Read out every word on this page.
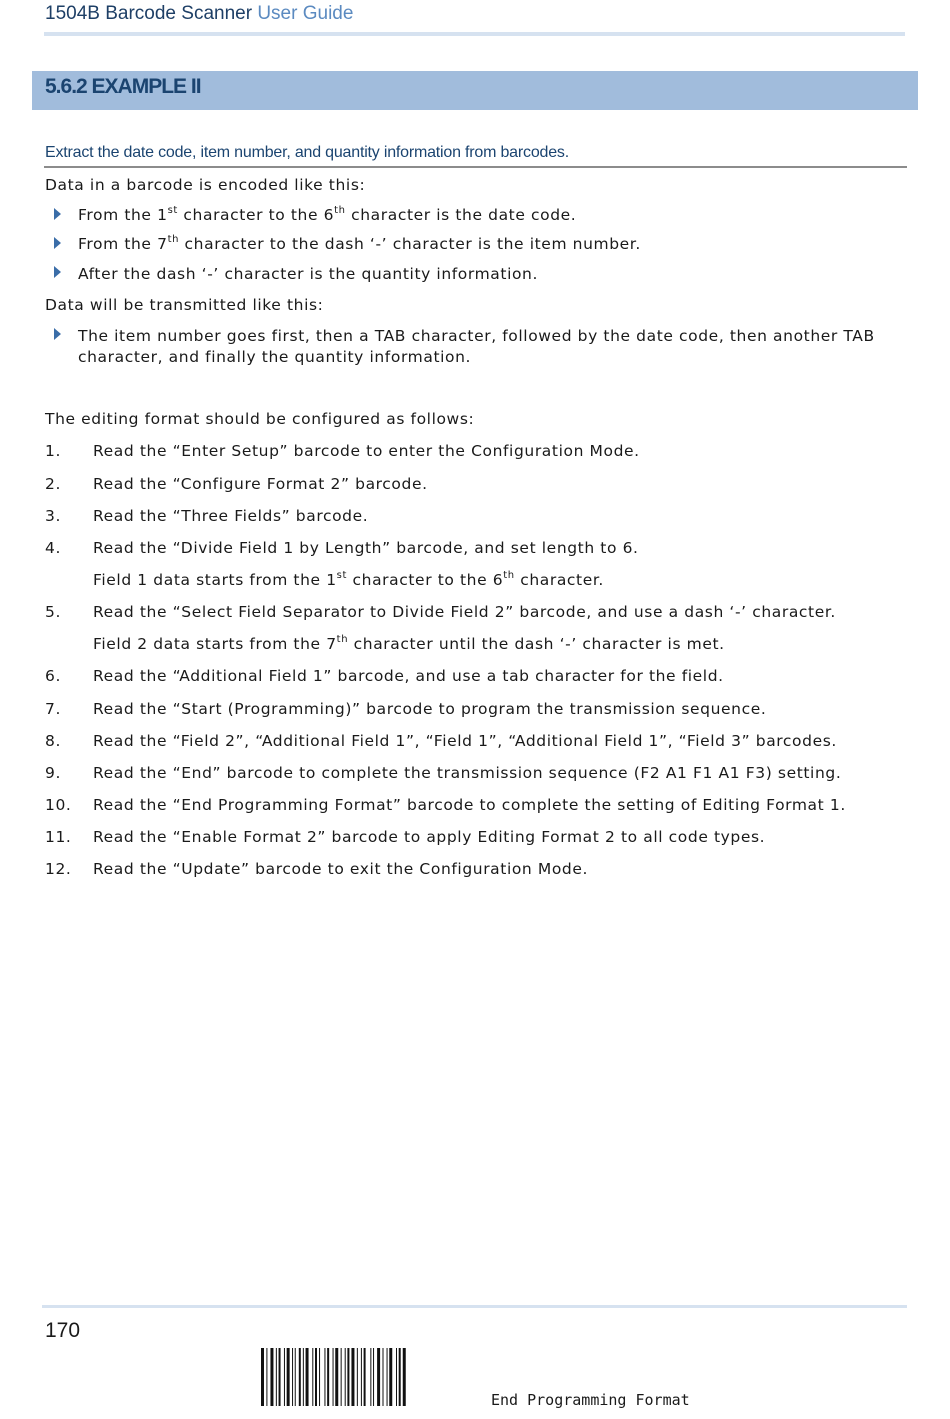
1504B Barcode Scanner User Guide
5.6.2 EXAMPLE II
Extract the date code, item number, and quantity information from barcodes.
Data in a barcode is encoded like this:
From the 1st character to the 6th character is the date code.
From the 7th character to the dash ‘-’ character is the item number.
After the dash ‘-’ character is the quantity information.
Data will be transmitted like this:
The item number goes first, then a TAB character, followed by the date code, then another TAB
character, and finally the quantity information.
The editing format should be configured as follows:
1. Read the “Enter Setup” barcode to enter the Configuration Mode.
2. Read the “Configure Format 2” barcode.
3. Read the “Three Fields” barcode.
4. Read the “Divide Field 1 by Length” barcode, and set length to 6.
Field 1 data starts from the 1st character to the 6th character.
5. Read the “Select Field Separator to Divide Field 2” barcode, and use a dash ‘-’ character.
Field 2 data starts from the 7th character until the dash ‘-’ character is met.
6. Read the “Additional Field 1” barcode, and use a tab character for the field.
7. Read the “Start (Programming)” barcode to program the transmission sequence.
8. Read the “Field 2”, “Additional Field 1”, “Field 1”, “Additional Field 1”, “Field 3” barcodes.
9. Read the “End” barcode to complete the transmission sequence (F2 A1 F1 A1 F3) setting.
10. Read the “End Programming Format” barcode to complete the setting of Editing Format 1.
11. Read the “Enable Format 2” barcode to apply Editing Format 2 to all code types.
12. Read the “Update” barcode to exit the Configuration Mode.
170
End Programming Format
